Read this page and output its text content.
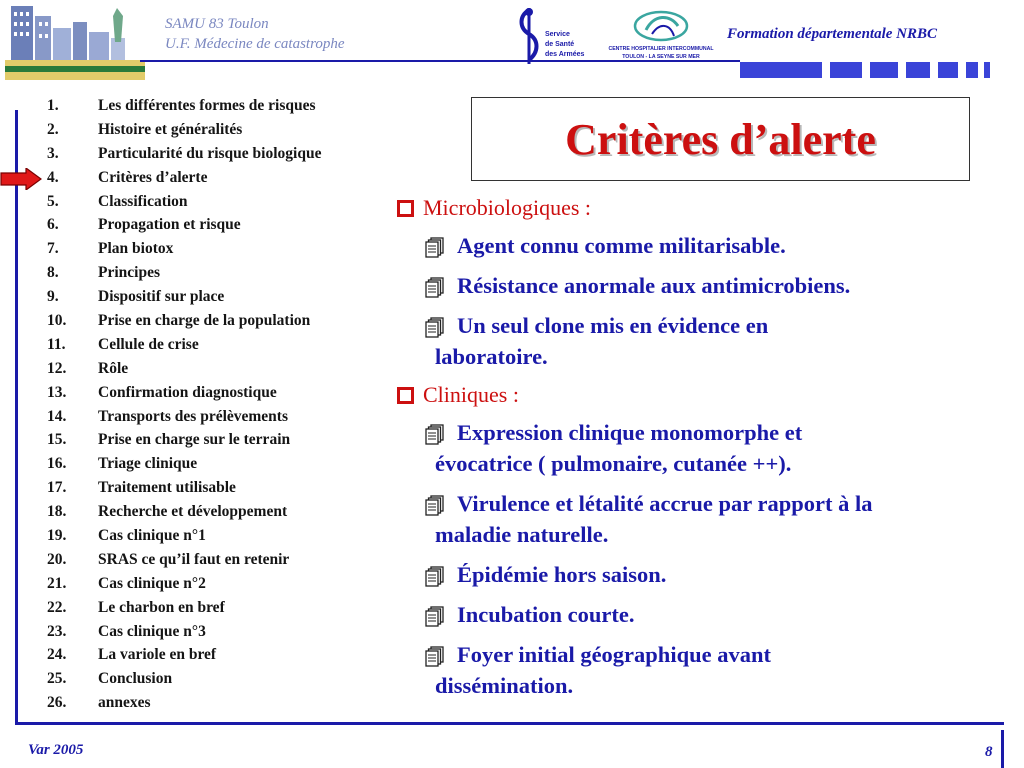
SAMU 83 Toulon
U.F. Médecine de catastrophe
Service
de Santé
des Armées
CENTRE HOSPITALIER INTERCOMMUNAL
TOULON - LA SEYNE SUR MER
Formation départementale NRBC
1.	Les différentes formes de risques
2.	Histoire et généralités
3.	Particularité du risque biologique
4.	Critères d’alerte
5.	Classification
6.	Propagation et risque
7.	Plan biotox
8.	Principes
9.	Dispositif sur place
10.	Prise en charge de la population
11.	Cellule de crise
12.	Rôle
13.	Confirmation diagnostique
14.	Transports des prélèvements
15.	Prise en charge sur le terrain
16.	Triage clinique
17.	Traitement utilisable
18.	Recherche et développement
19.	Cas clinique n°1
20.	SRAS ce qu’il faut en retenir
21.	Cas clinique n°2
22.	Le charbon en bref
23.	Cas clinique n°3
24.	La variole en bref
25.	Conclusion
26.	annexes
Critères d’alerte
Microbiologiques :
Agent connu comme militarisable.
Résistance anormale aux antimicrobiens.
Un seul clone mis en évidence en
laboratoire.
Cliniques :
Expression clinique monomorphe et
évocatrice ( pulmonaire, cutanée ++).
Virulence et létalité accrue par rapport à la
maladie naturelle.
Épidémie hors saison.
Incubation courte.
Foyer initial géographique avant
dissémination.
Var 2005	8
